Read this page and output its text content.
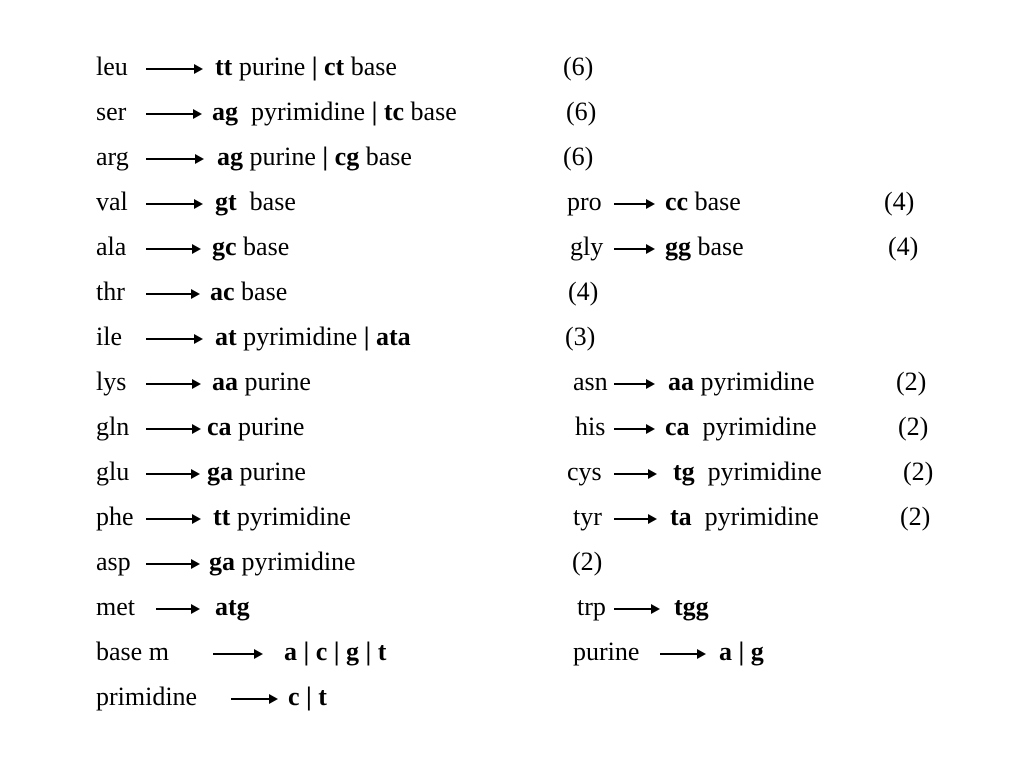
leu	tt purine | ct base	(6)
ser	ag  pyrimidine | tc base	(6)
arg	ag purine | cg base	(6)
val	gt  base	pro cc base	(4)
ala	gc base	gly gg base	(4)
thr	ac base	(4)
ile	at pyrimidine | ata	(3)
lys	aa purine	asn aa pyrimidine	(2)
gln	ca purine	his ca  pyrimidine	(2)
glu	ga purine	cys	tg  pyrimidine	(2)
phe	tt pyrimidine	tyr	ta  pyrimidine	(2)
asp	ga pyrimidine	(2)
met	atg	trp	tgg
base m	a | c | g | t	purine	a | g
primidine	c | t
